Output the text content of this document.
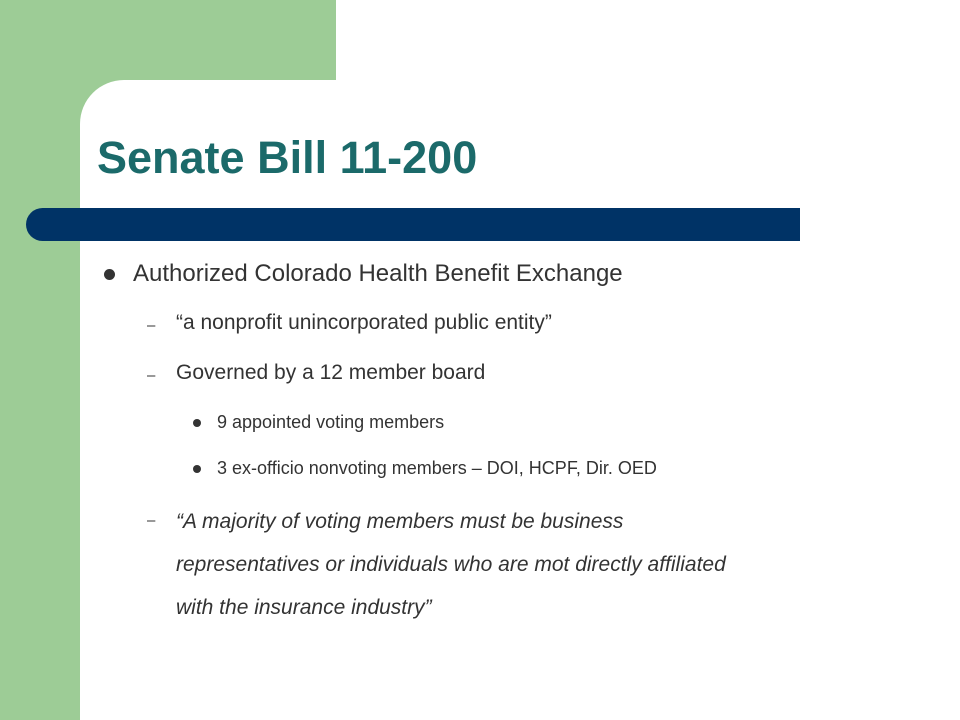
Senate Bill 11-200
Authorized Colorado Health Benefit Exchange
– “a nonprofit unincorporated public entity”
– Governed by a 12 member board
9 appointed voting members
3 ex-officio nonvoting members – DOI, HCPF, Dir. OED
– “A majority of voting members must be business
representatives or individuals who are mot directly affiliated
with the insurance industry”
